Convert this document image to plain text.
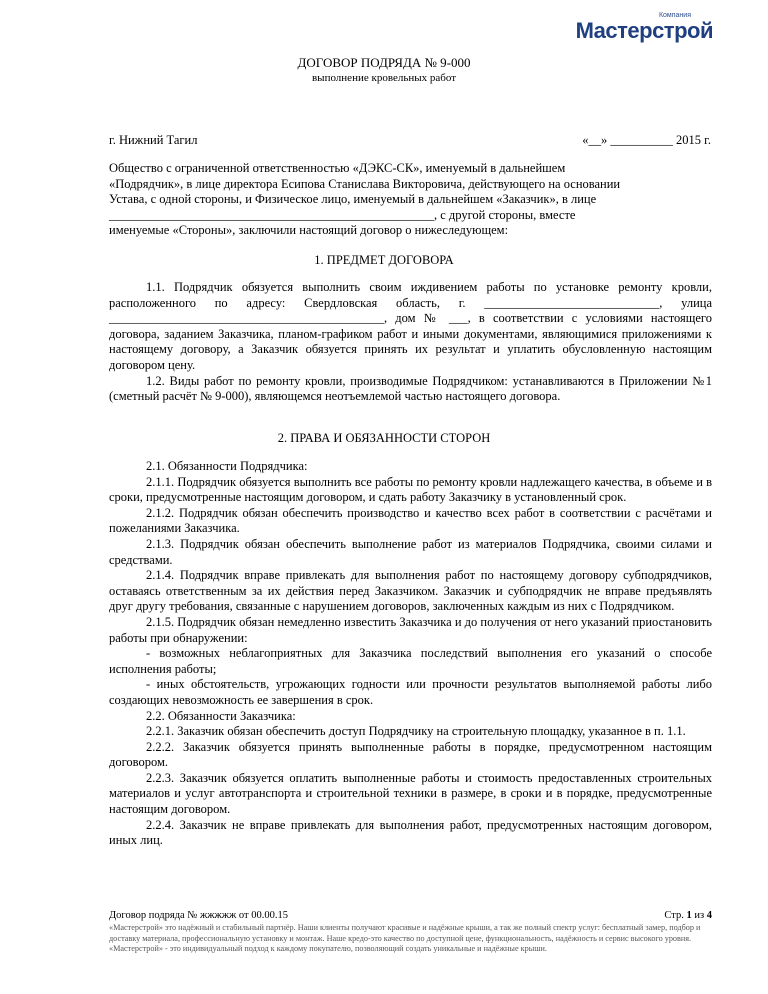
Компания
Мастерстрой
ДОГОВОР ПОДРЯДА № 9-000
выполнение кровельных работ
г. Нижний Тагил	«__» __________ 2015 г.

Общество с ограниченной ответственностью «ДЭКС-СК», именуемый в дальнейшем

«Подрядчик», в лице директора Есипова Станислава Викторовича, действующего на основании

Устава, с одной стороны, и Физическое лицо, именуемый в дальнейшем «Заказчик», в лице

____________________________________________________, с другой стороны, вместе

именуемые «Стороны», заключили настоящий договор о нижеследующем:

1. ПРЕДМЕТ ДОГОВОРА

1.1. Подрядчик обязуется выполнить своим иждивением работы по установке ремонту кровли, расположенного по адресу: Свердловская область, г. ____________________________, улица ____________________________________________, дом № ___, в соответствии с условиями настоящего договора, заданием Заказчика, планом-графиком работ и иными документами, являющимися приложениями к настоящему договору, а Заказчик обязуется принять их результат и уплатить обусловленную настоящим договором цену.

1.2. Виды работ по ремонту кровли, производимые Подрядчиком: устанавливаются в Приложении №1 (сметный расчёт № 9-000), являющемся неотъемлемой частью настоящего договора.

2. ПРАВА И ОБЯЗАННОСТИ СТОРОН

2.1. Обязанности Подрядчика:

2.1.1. Подрядчик обязуется выполнить все работы по ремонту кровли надлежащего качества, в объеме и в сроки, предусмотренные настоящим договором, и сдать работу Заказчику в установленный срок.

2.1.2. Подрядчик обязан обеспечить производство и качество всех работ в соответствии с расчётами и пожеланиями Заказчика.

2.1.3. Подрядчик обязан обеспечить выполнение работ из материалов Подрядчика, своими силами и средствами.

2.1.4. Подрядчик вправе привлекать для выполнения работ по настоящему договору субподрядчиков, оставаясь ответственным за их действия перед Заказчиком. Заказчик и субподрядчик не вправе предъявлять друг другу требования, связанные с нарушением договоров, заключенных каждым из них с Подрядчиком.

2.1.5. Подрядчик обязан немедленно известить Заказчика и до получения от него указаний приостановить работы при обнаружении:

- возможных неблагоприятных для Заказчика последствий выполнения его указаний о способе исполнения работы;

- иных обстоятельств, угрожающих годности или прочности результатов выполняемой работы либо создающих невозможность ее завершения в срок.

2.2. Обязанности Заказчика:

2.2.1. Заказчик обязан обеспечить доступ Подрядчику на строительную площадку, указанное в п. 1.1.

2.2.2. Заказчик обязуется принять выполненные работы в порядке, предусмотренном настоящим договором.

2.2.3. Заказчик обязуется оплатить выполненные работы и стоимость предоставленных строительных материалов и услуг автотранспорта и строительной техники в размере, в сроки и в порядке, предусмотренные настоящим договором.

2.2.4. Заказчик не вправе привлекать для выполнения работ, предусмотренных настоящим договором, иных лиц.

Договор подряда № жжжжж от 00.00.15	Стр. 1 из 4
«Мастерстрой» это надёжный и стабильный партнёр. Наши клиенты получают красивые и надёжные крыши, а так же полный спектр услуг: бесплатный замер, подбор и доставку материала, профессиональную установку и монтаж. Наше кредо-это качество по доступной цене, функциональность, надёжность и сервис высокого уровня. «Мастерстрой» - это индивидуальный подход к каждому покупателю, позволяющий создать уникальные и надёжные крыши.
